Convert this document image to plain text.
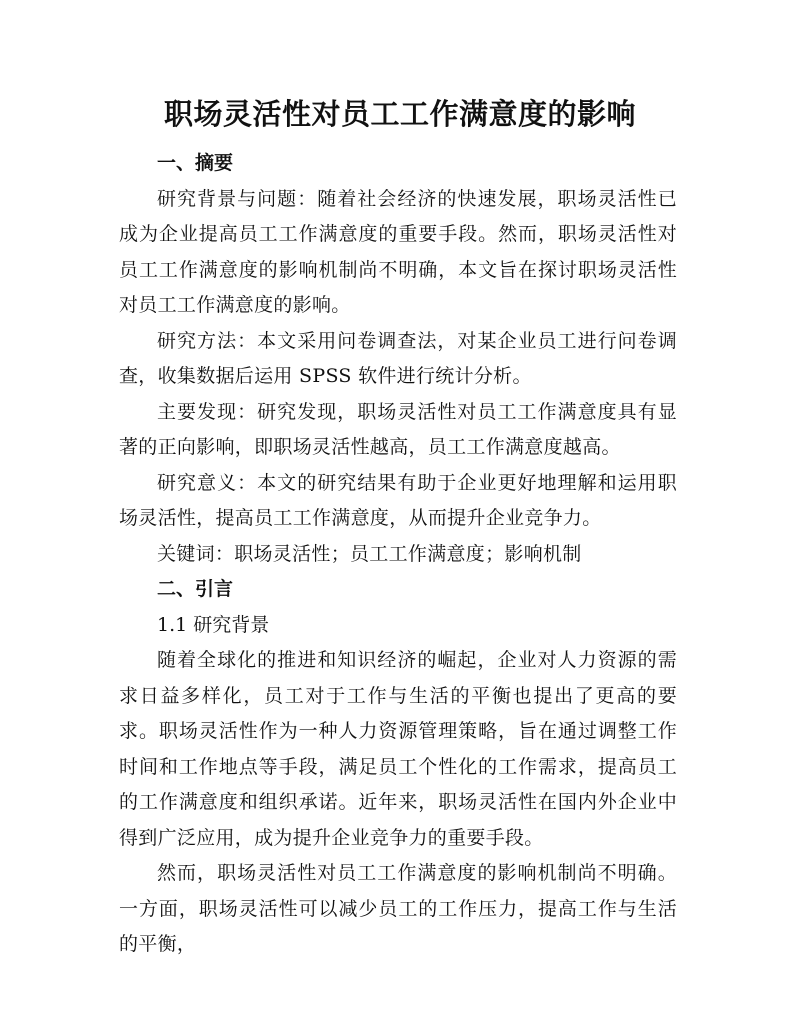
职场灵活性对员工工作满意度的影响

一、摘要

研究背景与问题：随着社会经济的快速发展，职场灵活性已成为企业提高员工工作满意度的重要手段。然而，职场灵活性对员工工作满意度的影响机制尚不明确，本文旨在探讨职场灵活性对员工工作满意度的影响。

研究方法：本文采用问卷调查法，对某企业员工进行问卷调查，收集数据后运用 SPSS 软件进行统计分析。

主要发现：研究发现，职场灵活性对员工工作满意度具有显著的正向影响，即职场灵活性越高，员工工作满意度越高。

研究意义：本文的研究结果有助于企业更好地理解和运用职场灵活性，提高员工工作满意度，从而提升企业竞争力。

关键词：职场灵活性；员工工作满意度；影响机制

二、引言

1.1 研究背景

随着全球化的推进和知识经济的崛起，企业对人力资源的需求日益多样化，员工对于工作与生活的平衡也提出了更高的要求。职场灵活性作为一种人力资源管理策略，旨在通过调整工作时间和工作地点等手段，满足员工个性化的工作需求，提高员工的工作满意度和组织承诺。近年来，职场灵活性在国内外企业中得到广泛应用，成为提升企业竞争力的重要手段。

然而，职场灵活性对员工工作满意度的影响机制尚不明确。一方面，职场灵活性可以减少员工的工作压力，提高工作与生活的平衡，
